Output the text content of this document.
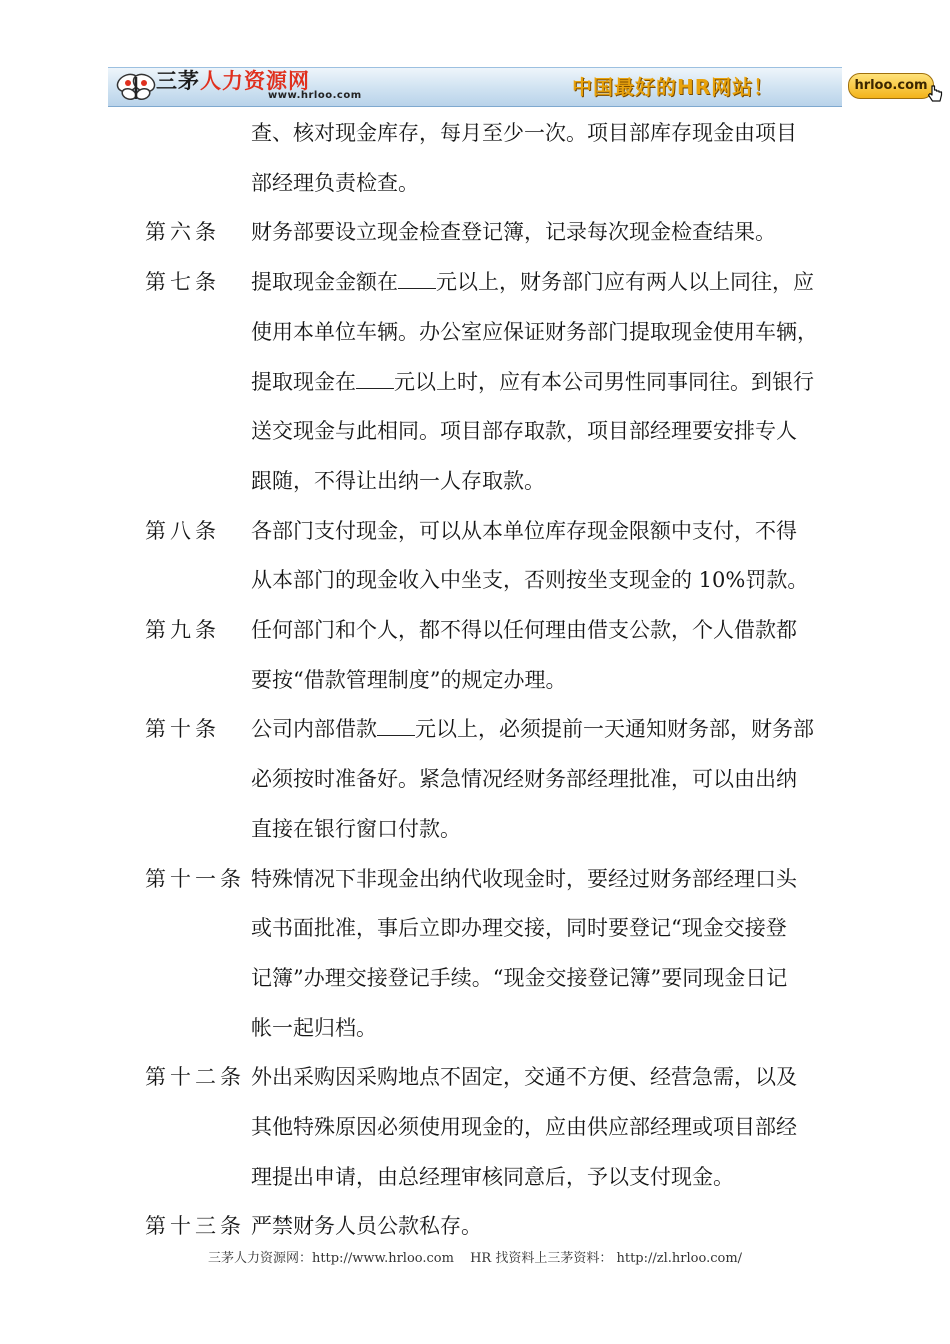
三茅人力资源网
www.hrloo.com	中国最好的HR网站！	hrloo.com
查、核对现金库存，每月至少一次。项目部库存现金由项目
部经理负责检查。
第六条 财务部要设立现金检查登记簿，记录每次现金检查结果。
第七条 提取现金金额在 元以上，财务部门应有两人以上同往，应
使用本单位车辆。办公室应保证财务部门提取现金使用车辆，
提取现金在 元以上时，应有本公司男性同事同往。到银行
送交现金与此相同。项目部存取款，项目部经理要安排专人
跟随，不得让出纳一人存取款。
第八条 各部门支付现金，可以从本单位库存现金限额中支付，不得
从本部门的现金收入中坐支，否则按坐支现金的 10%罚款。
第九条 任何部门和个人，都不得以任何理由借支公款，个人借款都
要按“借款管理制度”的规定办理。
第十条 公司内部借款 元以上，必须提前一天通知财务部，财务部
必须按时准备好。紧急情况经财务部经理批准，可以由出纳
直接在银行窗口付款。
第十一条 特殊情况下非现金出纳代收现金时，要经过财务部经理口头
或书面批准，事后立即办理交接，同时要登记“现金交接登
记簿”办理交接登记手续。“现金交接登记簿”要同现金日记
帐一起归档。
第十二条 外出采购因采购地点不固定，交通不方便、经营急需，以及
其他特殊原因必须使用现金的，应由供应部经理或项目部经
理提出申请，由总经理审核同意后，予以支付现金。
第十三条 严禁财务人员公款私存。
三茅人力资源网：http://www.hrloo.com HR 找资料上三茅资料： http://zl.hrloo.com/
